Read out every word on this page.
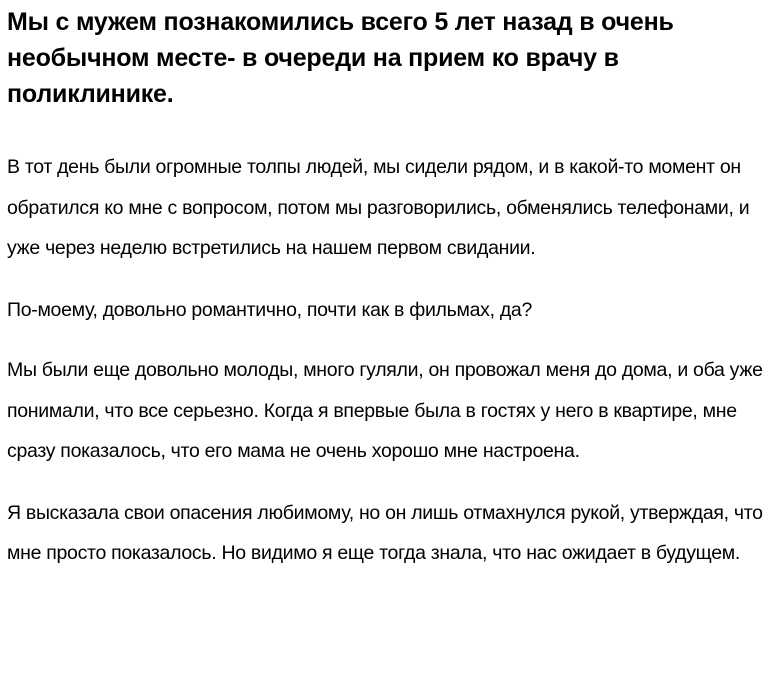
Мы с мужем познакомились всего 5 лет назад в очень необычном месте- в очереди на прием ко врачу в поликлинике.

В тот день были огромные толпы людей, мы сидели рядом, и в какой-то момент он обратился ко мне с вопросом, потом мы разговорились, обменялись телефонами, и уже через неделю встретились на нашем первом свидании.

По-моему, довольно романтично, почти как в фильмах, да?

Мы были еще довольно молоды, много гуляли, он провожал меня до дома, и оба уже понимали, что все серьезно. Когда я впервые была в гостях у него в квартире, мне сразу показалось, что его мама не очень хорошо мне настроена.

Я высказала свои опасения любимому, но он лишь отмахнулся рукой, утверждая, что мне просто показалось. Но видимо я еще тогда знала, что нас ожидает в будущем.
